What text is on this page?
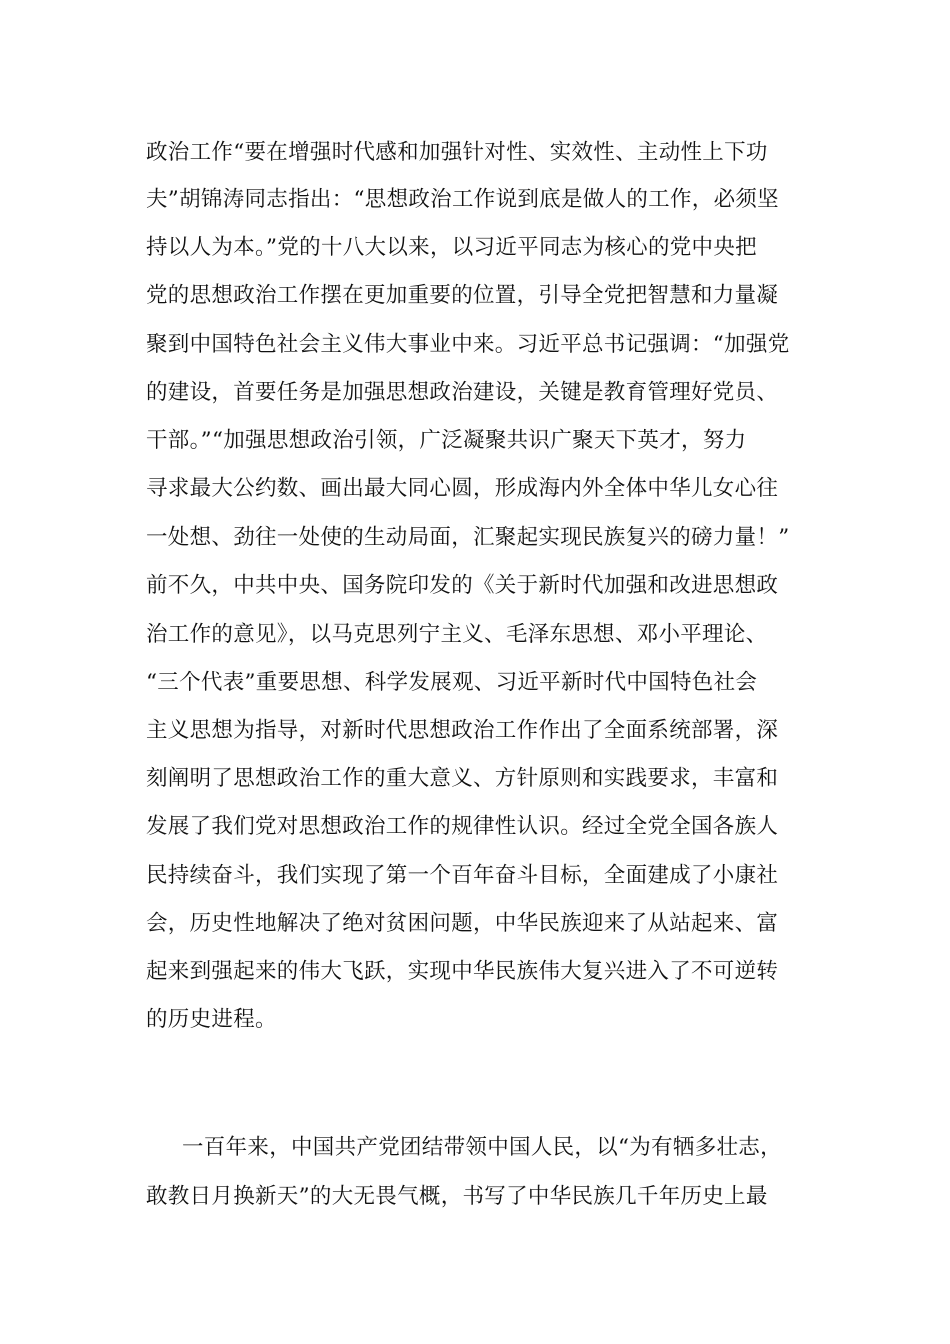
政治工作“要在增强时代感和加强针对性、实效性、主动性上下功
夫”胡锦涛同志指出：“思想政治工作说到底是做人的工作，必须坚
持以人为本。”党的十八大以来，以习近平同志为核心的党中央把
党的思想政治工作摆在更加重要的位置，引导全党把智慧和力量凝
聚到中国特色社会主义伟大事业中来。习近平总书记强调：“加强党
的建设，首要任务是加强思想政治建设，关键是教育管理好党员、
干部。”“加强思想政治引领，广泛凝聚共识广聚天下英才，努力
寻求最大公约数、画出最大同心圆，形成海内外全体中华儿女心往
一处想、劲往一处使的生动局面，汇聚起实现民族复兴的磅力量！”
前不久，中共中央、国务院印发的《关于新时代加强和改进思想政
治工作的意见》，以马克思列宁主义、毛泽东思想、邓小平理论、
“三个代表”重要思想、科学发展观、习近平新时代中国特色社会
主义思想为指导，对新时代思想政治工作作出了全面系统部署，深
刻阐明了思想政治工作的重大意义、方针原则和实践要求，丰富和
发展了我们党对思想政治工作的规律性认识。经过全党全国各族人
民持续奋斗，我们实现了第一个百年奋斗目标，全面建成了小康社
会，历史性地解决了绝对贫困问题，中华民族迎来了从站起来、富
起来到强起来的伟大飞跃，实现中华民族伟大复兴进入了不可逆转
的历史进程。
一百年来，中国共产党团结带领中国人民，以“为有牺多壮志，
敢教日月换新天”的大无畏气概，书写了中华民族几千年历史上最
